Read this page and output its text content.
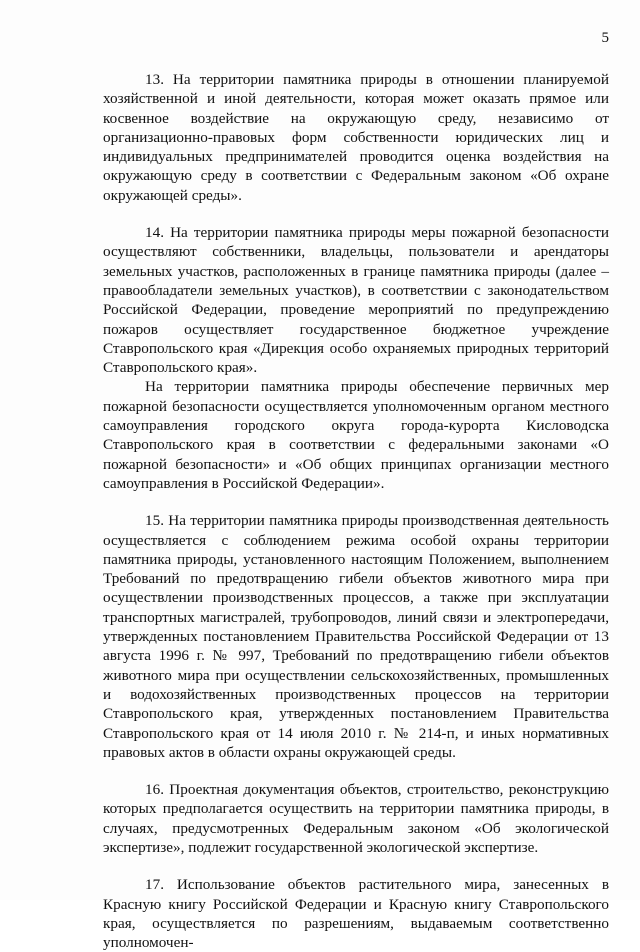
5

13. На территории памятника природы в отношении планируемой хозяйственной и иной деятельности, которая может оказать прямое или косвенное воздействие на окружающую среду, независимо от организационно-правовых форм собственности юридических лиц и индивидуальных предпринимателей проводится оценка воздействия на окружающую среду в соответствии с Федеральным законом «Об охране окружающей среды».

14. На территории памятника природы меры пожарной безопасности осуществляют собственники, владельцы, пользователи и арендаторы земельных участков, расположенных в границе памятника природы (далее – правообладатели земельных участков), в соответствии с законодательством Российской Федерации, проведение мероприятий по предупреждению пожаров осуществляет государственное бюджетное учреждение Ставропольского края «Дирекция особо охраняемых природных территорий Ставропольского края».

На территории памятника природы обеспечение первичных мер пожарной безопасности осуществляется уполномоченным органом местного самоуправления городского округа города-курорта Кисловодска Ставропольского края в соответствии с федеральными законами «О пожарной безопасности» и «Об общих принципах организации местного самоуправления в Российской Федерации».

15. На территории памятника природы производственная деятельность осуществляется с соблюдением режима особой охраны территории памятника природы, установленного настоящим Положением, выполнением Требований по предотвращению гибели объектов животного мира при осуществлении производственных процессов, а также при эксплуатации транспортных магистралей, трубопроводов, линий связи и электропередачи, утвержденных постановлением Правительства Российской Федерации от 13 августа 1996 г. № 997, Требований по предотвращению гибели объектов животного мира при осуществлении сельскохозяйственных, промышленных и водохозяйственных производственных процессов на территории Ставропольского края, утвержденных постановлением Правительства Ставропольского края от 14 июля 2010 г. № 214-п, и иных нормативных правовых актов в области охраны окружающей среды.

16. Проектная документация объектов, строительство, реконструкцию которых предполагается осуществить на территории памятника природы, в случаях, предусмотренных Федеральным законом «Об экологической экспертизе», подлежит государственной экологической экспертизе.

17. Использование объектов растительного мира, занесенных в Красную книгу Российской Федерации и Красную книгу Ставропольского края, осуществляется по разрешениям, выдаваемым соответственно уполномочен-
